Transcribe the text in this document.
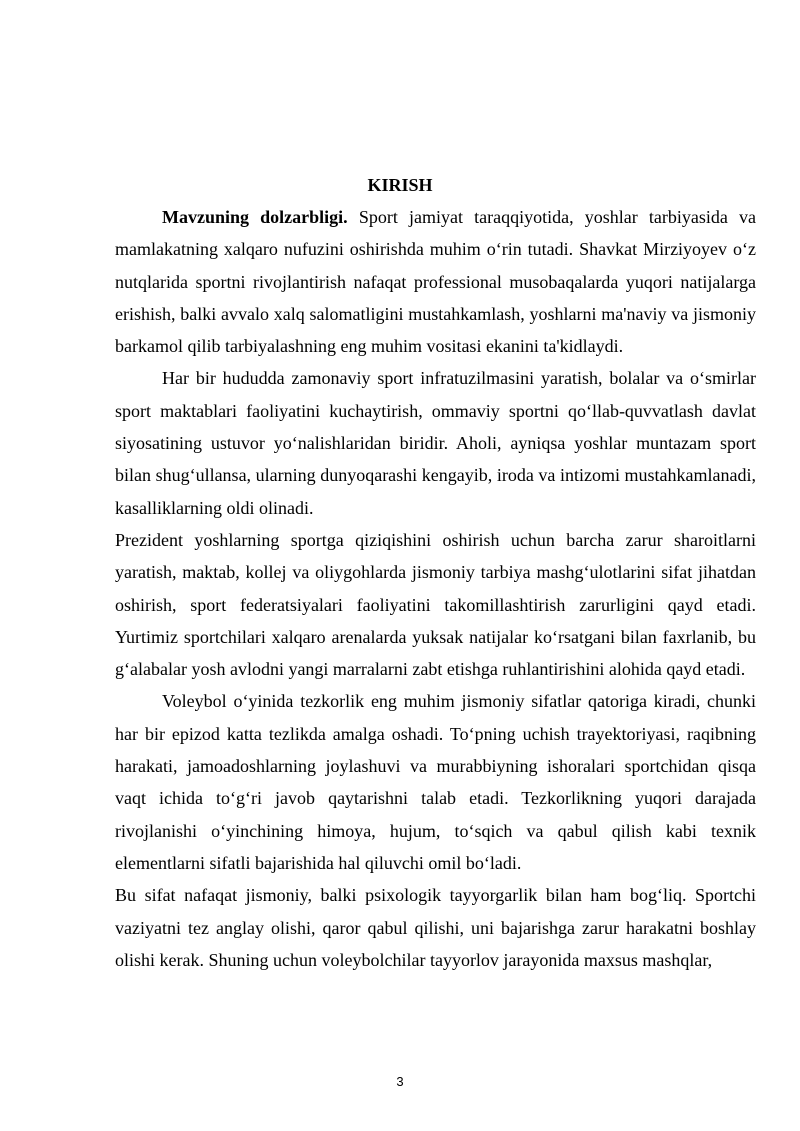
KIRISH

Mavzuning dolzarbligi. Sport jamiyat taraqqiyotida, yoshlar tarbiyasida va mamlakatning xalqaro nufuzini oshirishda muhim o‘rin tutadi. Shavkat Mirziyoyev o‘z nutqlarida sportni rivojlantirish nafaqat professional musobaqalarda yuqori natijalarga erishish, balki avvalo xalq salomatligini mustahkamlash, yoshlarni ma'naviy va jismoniy barkamol qilib tarbiyalashning eng muhim vositasi ekanini ta'kidlaydi.

Har bir hududda zamonaviy sport infratuzilmasini yaratish, bolalar va o‘smirlar sport maktablari faoliyatini kuchaytirish, ommaviy sportni qo‘llab-quvvatlash davlat siyosatining ustuvor yo‘nalishlaridan biridir. Aholi, ayniqsa yoshlar muntazam sport bilan shug‘ullansa, ularning dunyoqarashi kengayib, iroda va intizomi mustahkamlanadi, kasalliklarning oldi olinadi.

Prezident yoshlarning sportga qiziqishini oshirish uchun barcha zarur sharoitlarni yaratish, maktab, kollej va oliygohlarda jismoniy tarbiya mashg‘ulotlarini sifat jihatdan oshirish, sport federatsiyalari faoliyatini takomillashtirish zarurligini qayd etadi. Yurtimiz sportchilari xalqaro arenalarda yuksak natijalar ko‘rsatgani bilan faxrlanib, bu g‘alabalar yosh avlodni yangi marralarni zabt etishga ruhlantirishini alohida qayd etadi.

Voleybol o‘yinida tezkorlik eng muhim jismoniy sifatlar qatoriga kiradi, chunki har bir epizod katta tezlikda amalga oshadi. To‘pning uchish trayektoriyasi, raqibning harakati, jamoadoshlarning joylashuvi va murabbiyning ishoralari sportchidan qisqa vaqt ichida to‘g‘ri javob qaytarishni talab etadi. Tezkorlikning yuqori darajada rivojlanishi o‘yinchining himoya, hujum, to‘sqich va qabul qilish kabi texnik elementlarni sifatli bajarishida hal qiluvchi omil bo‘ladi.

Bu sifat nafaqat jismoniy, balki psixologik tayyorgarlik bilan ham bog‘liq. Sportchi vaziyatni tez anglay olishi, qaror qabul qilishi, uni bajarishga zarur harakatni boshlay olishi kerak. Shuning uchun voleybolchilar tayyorlov jarayonida maxsus mashqlar,

3
